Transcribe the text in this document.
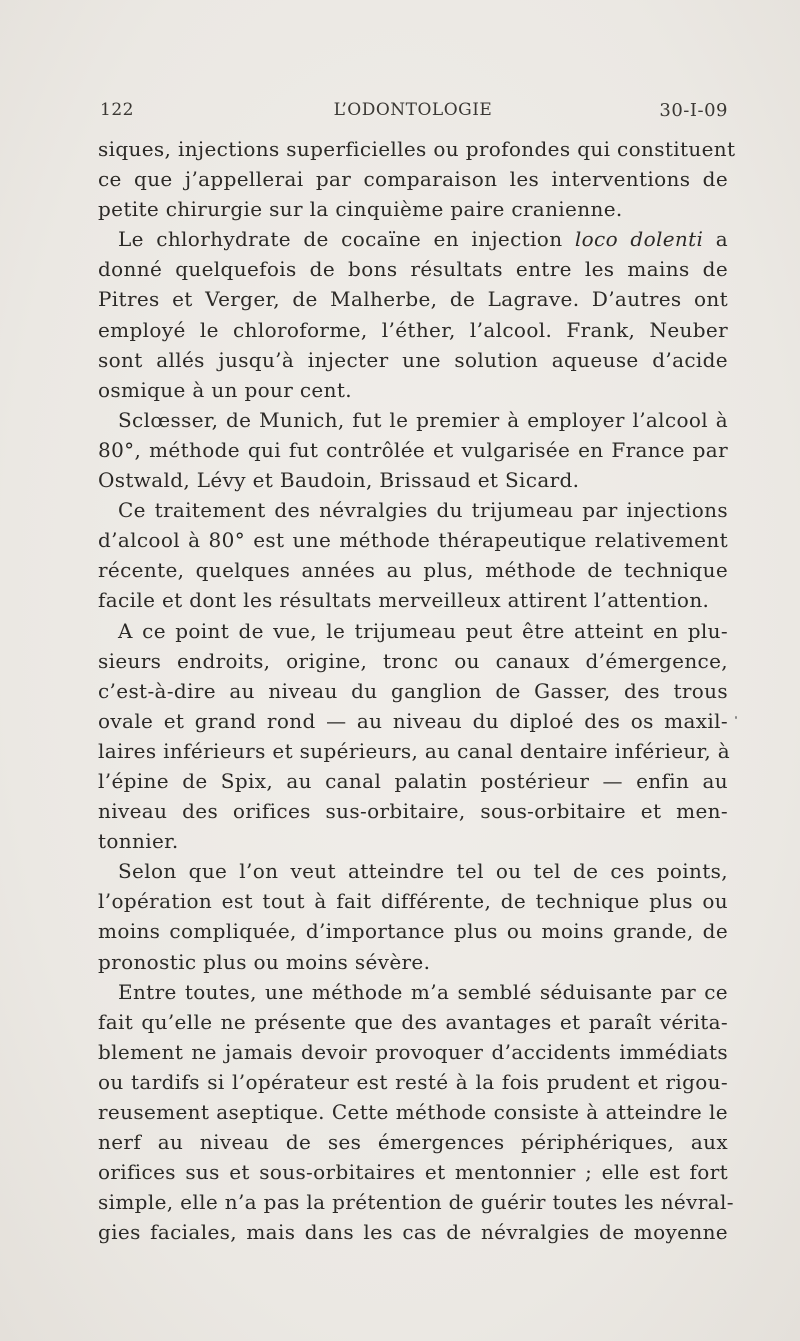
122	L’ODONTOLOGIE	30-I-09
siques, injections superficielles ou profondes qui constituent
ce que j’appellerai par comparaison les interventions de
petite chirurgie sur la cinquième paire cranienne.
Le chlorhydrate de cocaïne en injection loco dolenti a
donné quelquefois de bons résultats entre les mains de
Pitres et Verger, de Malherbe, de Lagrave. D’autres ont
employé le chloroforme, l’éther, l’alcool. Frank, Neuber
sont allés jusqu’à injecter une solution aqueuse d’acide
osmique à un pour cent.
Sclœsser, de Munich, fut le premier à employer l’alcool à
80°, méthode qui fut contrôlée et vulgarisée en France par
Ostwald, Lévy et Baudoin, Brissaud et Sicard.
Ce traitement des névralgies du trijumeau par injections
d’alcool à 80° est une méthode thérapeutique relativement
récente, quelques années au plus, méthode de technique
facile et dont les résultats merveilleux attirent l’attention.
A ce point de vue, le trijumeau peut être atteint en plu-
sieurs endroits, origine, tronc ou canaux d’émergence,
c’est-à-dire au niveau du ganglion de Gasser, des trous
ovale et grand rond — au niveau du diploé des os maxil-
laires inférieurs et supérieurs, au canal dentaire inférieur, à
l’épine de Spix, au canal palatin postérieur — enfin au
niveau des orifices sus-orbitaire, sous-orbitaire et men-
tonnier.
Selon que l’on veut atteindre tel ou tel de ces points,
l’opération est tout à fait différente, de technique plus ou
moins compliquée, d’importance plus ou moins grande, de
pronostic plus ou moins sévère.
Entre toutes, une méthode m’a semblé séduisante par ce
fait qu’elle ne présente que des avantages et paraît vérita-
blement ne jamais devoir provoquer d’accidents immédiats
ou tardifs si l’opérateur est resté à la fois prudent et rigou-
reusement aseptique. Cette méthode consiste à atteindre le
nerf au niveau de ses émergences périphériques, aux
orifices sus et sous-orbitaires et mentonnier ; elle est fort
simple, elle n’a pas la prétention de guérir toutes les névral-
gies faciales, mais dans les cas de névralgies de moyenne
